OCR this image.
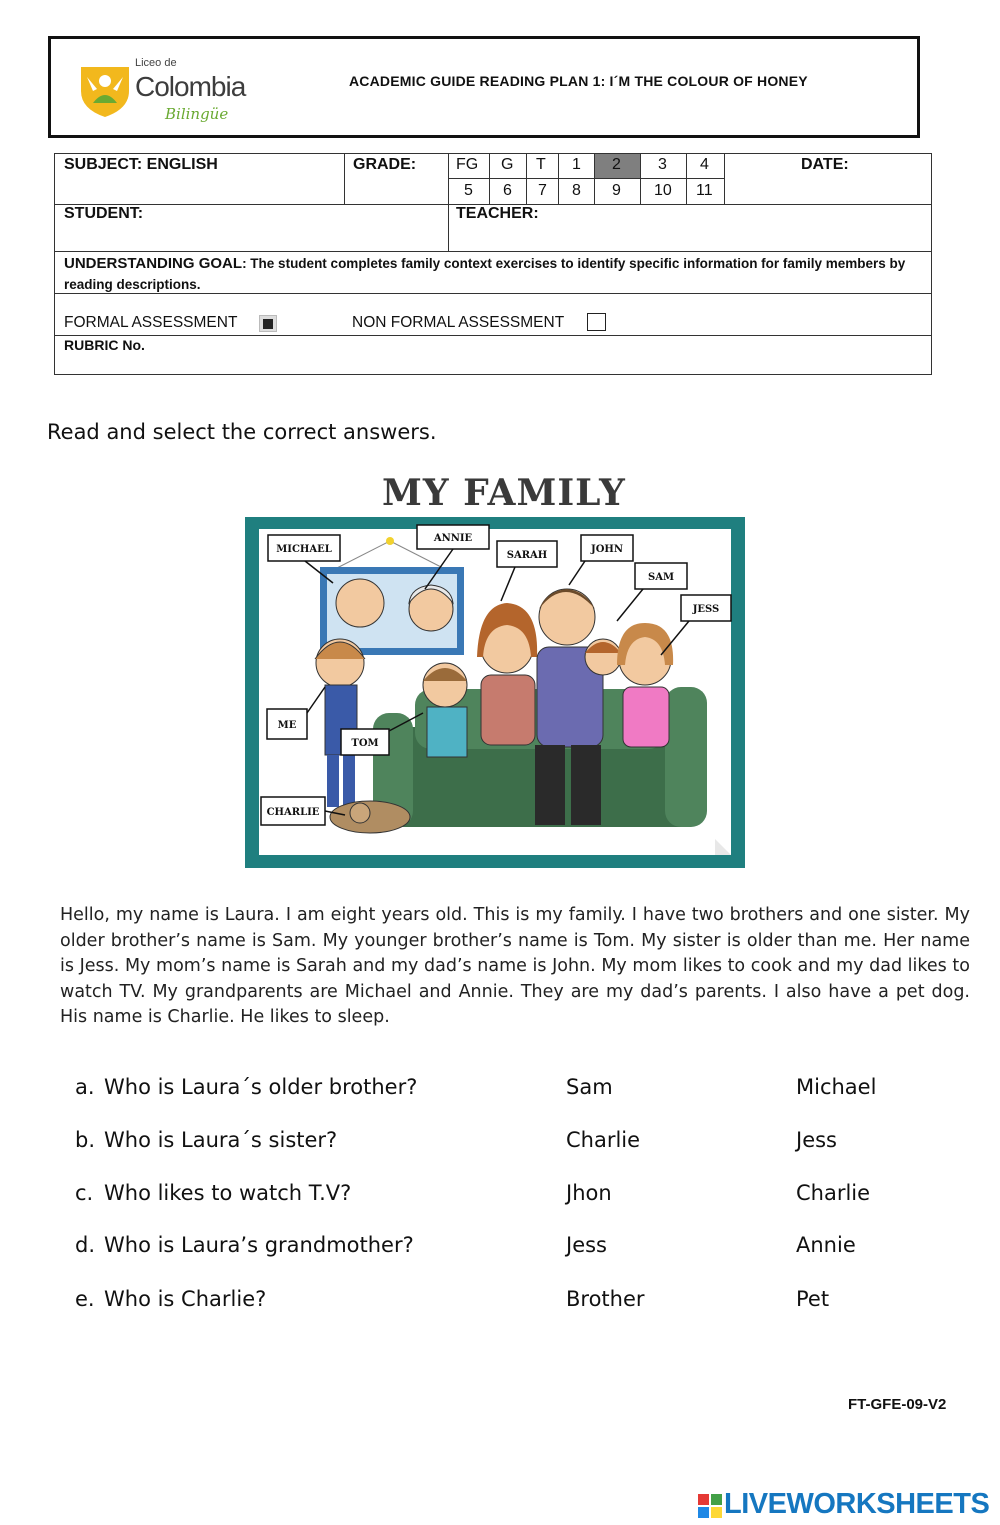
Liceo de
Colombia
Bilingüe
ACADEMIC GUIDE READING PLAN 1: I´M THE COLOUR OF HONEY
SUBJECT: ENGLISH	GRADE: FG G T 1 2 3 4
5 6 7 8 9 10 11
DATE:
STUDENT:	TEACHER:
UNDERSTANDING GOAL: The student completes family context exercises to identify specific information for family members by reading descriptions.
FORMAL ASSESSMENT	NON FORMAL ASSESSMENT
RUBRIC No.
Read and select the correct answers.
MY FAMILY
MICHAEL
ANNIE
SARAH
JOHN
SAM
JESS
ME
TOM
CHARLIE
Hello, my name is Laura. I am eight years old. This is my family. I have two brothers and one sister. My older brother’s name is Sam. My younger brother’s name is Tom. My sister is older than me. Her name is Jess. My mom’s name is Sarah and my dad’s name is John. My mom likes to cook and my dad likes to watch TV. My grandparents are Michael and Annie. They are my dad’s parents. I also have a pet dog. His name is Charlie. He likes to sleep.
a. Who is Laura´s older brother?	Sam	Michael
b. Who is Laura´s sister?	Charlie	Jess
c. Who likes to watch T.V?	Jhon	Charlie
d. Who is Laura’s grandmother?	Jess	Annie
e. Who is Charlie?	Brother	Pet
FT-GFE-09-V2
LIVEWORKSHEETS
